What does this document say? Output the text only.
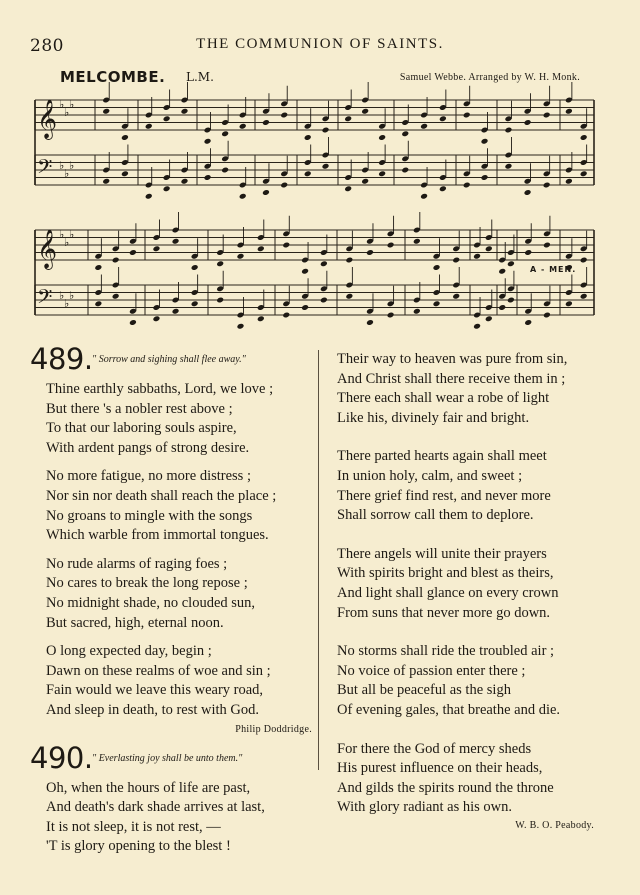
280	THE COMMUNION OF SAINTS.
MELCOMBE. L.M.	Samuel Webbe. Arranged by W. H. Monk.
𝄞 ♭
♭
♭
𝄢 ♭
♭
♭
𝄞 ♭
♭
♭
𝄢 ♭
♭
♭
A - MEN.
489. " Sorrow and sighing shall flee away."
Thine earthly sabbaths, Lord, we love ;
But there 's a nobler rest above ;
To that our laboring souls aspire,
With ardent pangs of strong desire.
No more fatigue, no more distress ;
Nor sin nor death shall reach the place ;
No groans to mingle with the songs
Which warble from immortal tongues.
No rude alarms of raging foes ;
No cares to break the long repose ;
No midnight shade, no clouded sun,
But sacred, high, eternal noon.
O long expected day, begin ;
Dawn on these realms of woe and sin ;
Fain would we leave this weary road,
And sleep in death, to rest with God.
Philip Doddridge.
490. " Everlasting joy shall be unto them."
Oh, when the hours of life are past,
And death's dark shade arrives at last,
It is not sleep, it is not rest, —
'T is glory opening to the blest !
Their way to heaven was pure from sin,
And Christ shall there receive them in ;
There each shall wear a robe of light
Like his, divinely fair and bright.
There parted hearts again shall meet
In union holy, calm, and sweet ;
There grief find rest, and never more
Shall sorrow call them to deplore.
There angels will unite their prayers
With spirits bright and blest as theirs,
And light shall glance on every crown
From suns that never more go down.
No storms shall ride the troubled air ;
No voice of passion enter there ;
But all be peaceful as the sigh
Of evening gales, that breathe and die.
For there the God of mercy sheds
His purest influence on their heads,
And gilds the spirits round the throne
With glory radiant as his own.
W. B. O. Peabody.
